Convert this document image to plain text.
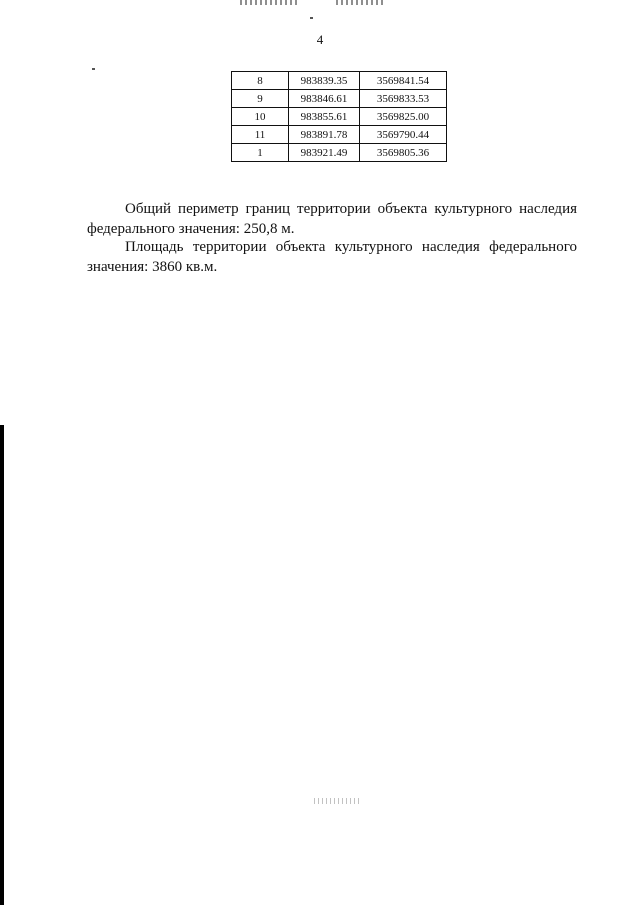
4
8	983839.35	3569841.54
9	983846.61	3569833.53
10	983855.61	3569825.00
11	983891.78	3569790.44
1	983921.49	3569805.36

Общий периметр границ территории объекта культурного наследия федерального значения: 250,8 м.

Площадь территории объекта культурного наследия федерального значения: 3860 кв.м.
